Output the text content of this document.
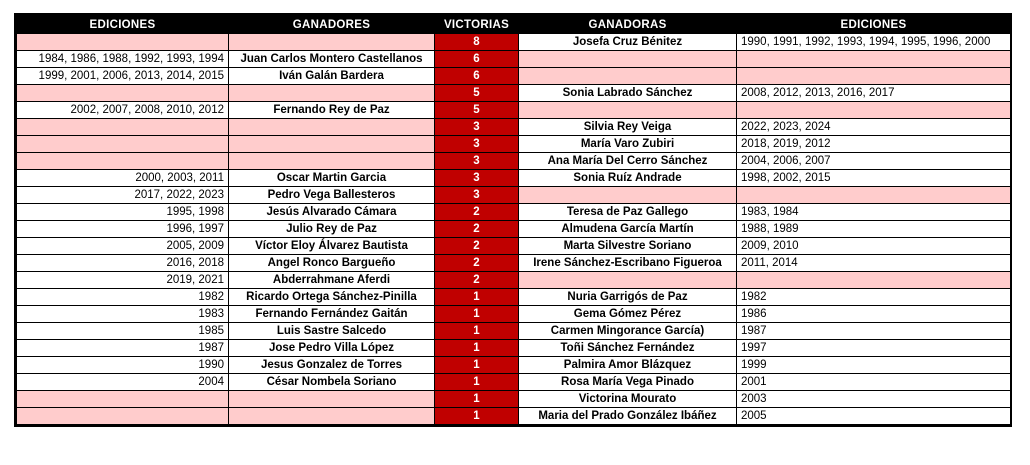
EDICIONES	GANADORES	VICTORIAS	GANADORAS	EDICIONES
		8	Josefa Cruz Bénitez	1990, 1991, 1992, 1993, 1994, 1995, 1996, 2000
1984, 1986, 1988, 1992, 1993, 1994	Juan Carlos Montero Castellanos	6		
1999, 2001, 2006, 2013, 2014, 2015	Iván Galán Bardera	6		
		5	Sonia Labrado Sánchez	2008, 2012, 2013, 2016, 2017
2002, 2007, 2008, 2010, 2012	Fernando Rey de Paz	5		
		3	Silvia Rey Veiga	2022, 2023, 2024
		3	María Varo Zubiri	2018, 2019, 2012
		3	Ana María Del Cerro Sánchez	2004, 2006, 2007
2000, 2003, 2011	Oscar Martin Garcia	3	Sonia Ruíz Andrade	1998, 2002, 2015
2017, 2022, 2023	Pedro Vega Ballesteros	3		
1995, 1998	Jesús Alvarado Cámara	2	Teresa de Paz Gallego	1983, 1984
1996, 1997	Julio Rey de Paz	2	Almudena García Martín	1988, 1989
2005, 2009	Víctor Eloy Álvarez Bautista	2	Marta Silvestre Soriano	2009, 2010
2016, 2018	Angel Ronco Bargueño	2	Irene Sánchez-Escribano Figueroa	2011, 2014
2019, 2021	Abderrahmane Aferdi	2		
1982	Ricardo Ortega Sánchez-Pinilla	1	Nuria Garrigós de Paz	1982
1983	Fernando Fernández Gaitán	1	Gema Gómez Pérez	1986
1985	Luis Sastre Salcedo	1	Carmen Mingorance García)	1987
1987	Jose Pedro Villa López	1	Toñi Sánchez Fernández	1997
1990	Jesus Gonzalez de Torres	1	Palmira Amor Blázquez	1999
2004	César Nombela Soriano	1	Rosa María Vega Pinado	2001
		1	Victorina Mourato	2003
		1	Maria del Prado González Ibáñez	2005
